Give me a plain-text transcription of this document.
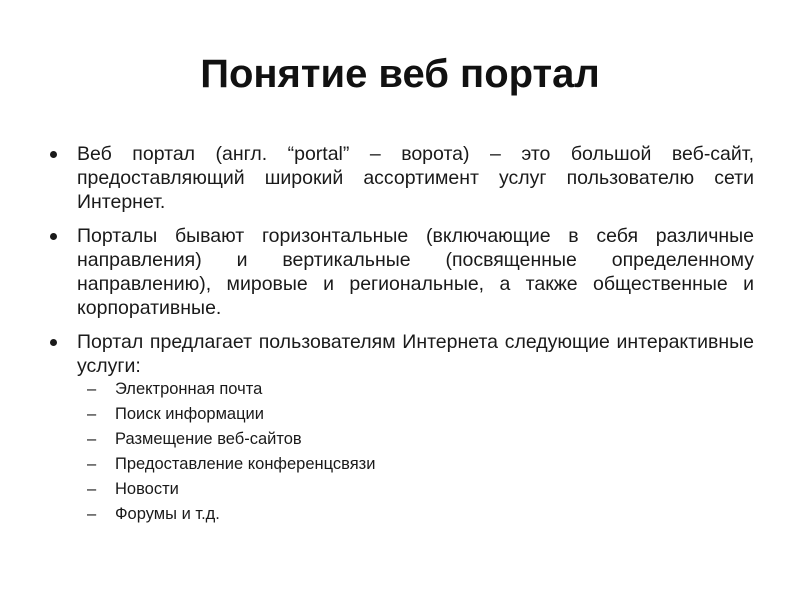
Понятие веб портал
Веб портал (англ. “portal” – ворота) – это большой веб-сайт, предоставляющий широкий ассортимент услуг пользователю сети Интернет.
Порталы бывают горизонтальные (включающие в себя различные направления) и вертикальные (посвященные определенному направлению), мировые и региональные, а также общественные и корпоративные.
Портал предлагает пользователям Интернета следующие интерактивные услуги:
– Электронная почта
– Поиск информации
– Размещение веб-сайтов
– Предоставление конференцсвязи
– Новости
– Форумы и т.д.
